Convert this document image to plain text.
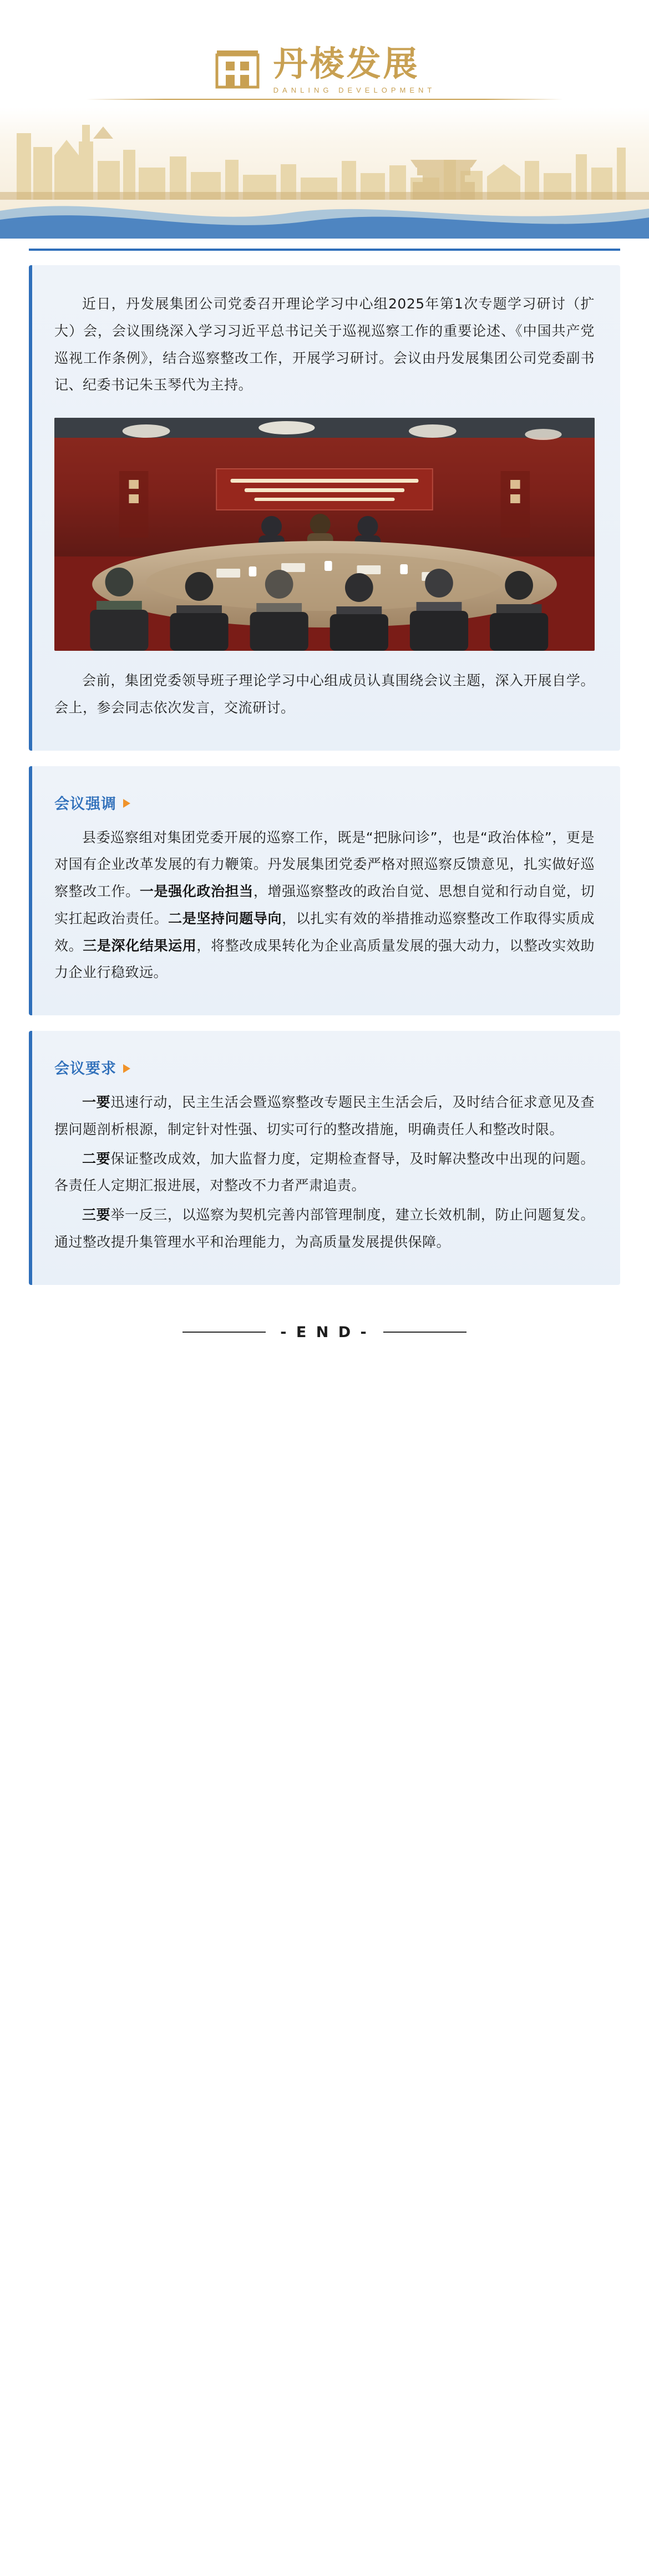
丹棱发展
DANLING DEVELOPMENT

近日，丹发展集团公司党委召开理论学习中心组2025年第1次专题学习研讨（扩大）会，会议围绕深入学习习近平总书记关于巡视巡察工作的重要论述、《中国共产党巡视工作条例》，结合巡察整改工作，开展学习研讨。会议由丹发展集团公司党委副书记、纪委书记朱玉琴代为主持。

会前，集团党委领导班子理论学习中心组成员认真围绕会议主题，深入开展自学。会上，参会同志依次发言，交流研讨。

会议强调

县委巡察组对集团党委开展的巡察工作，既是“把脉问诊”，也是“政治体检”，更是对国有企业改革发展的有力鞭策。丹发展集团党委严格对照巡察反馈意见，扎实做好巡察整改工作。一是强化政治担当，增强巡察整改的政治自觉、思想自觉和行动自觉，切实扛起政治责任。二是坚持问题导向，以扎实有效的举措推动巡察整改工作取得实质成效。三是深化结果运用，将整改成果转化为企业高质量发展的强大动力，以整改实效助力企业行稳致远。

会议要求

一要迅速行动，民主生活会暨巡察整改专题民主生活会后，及时结合征求意见及查摆问题剖析根源，制定针对性强、切实可行的整改措施，明确责任人和整改时限。

二要保证整改成效，加大监督力度，定期检查督导，及时解决整改中出现的问题。各责任人定期汇报进展，对整改不力者严肃追责。

三要举一反三，以巡察为契机完善内部管理制度，建立长效机制，防止问题复发。通过整改提升集管理水平和治理能力，为高质量发展提供保障。

- E N D -
